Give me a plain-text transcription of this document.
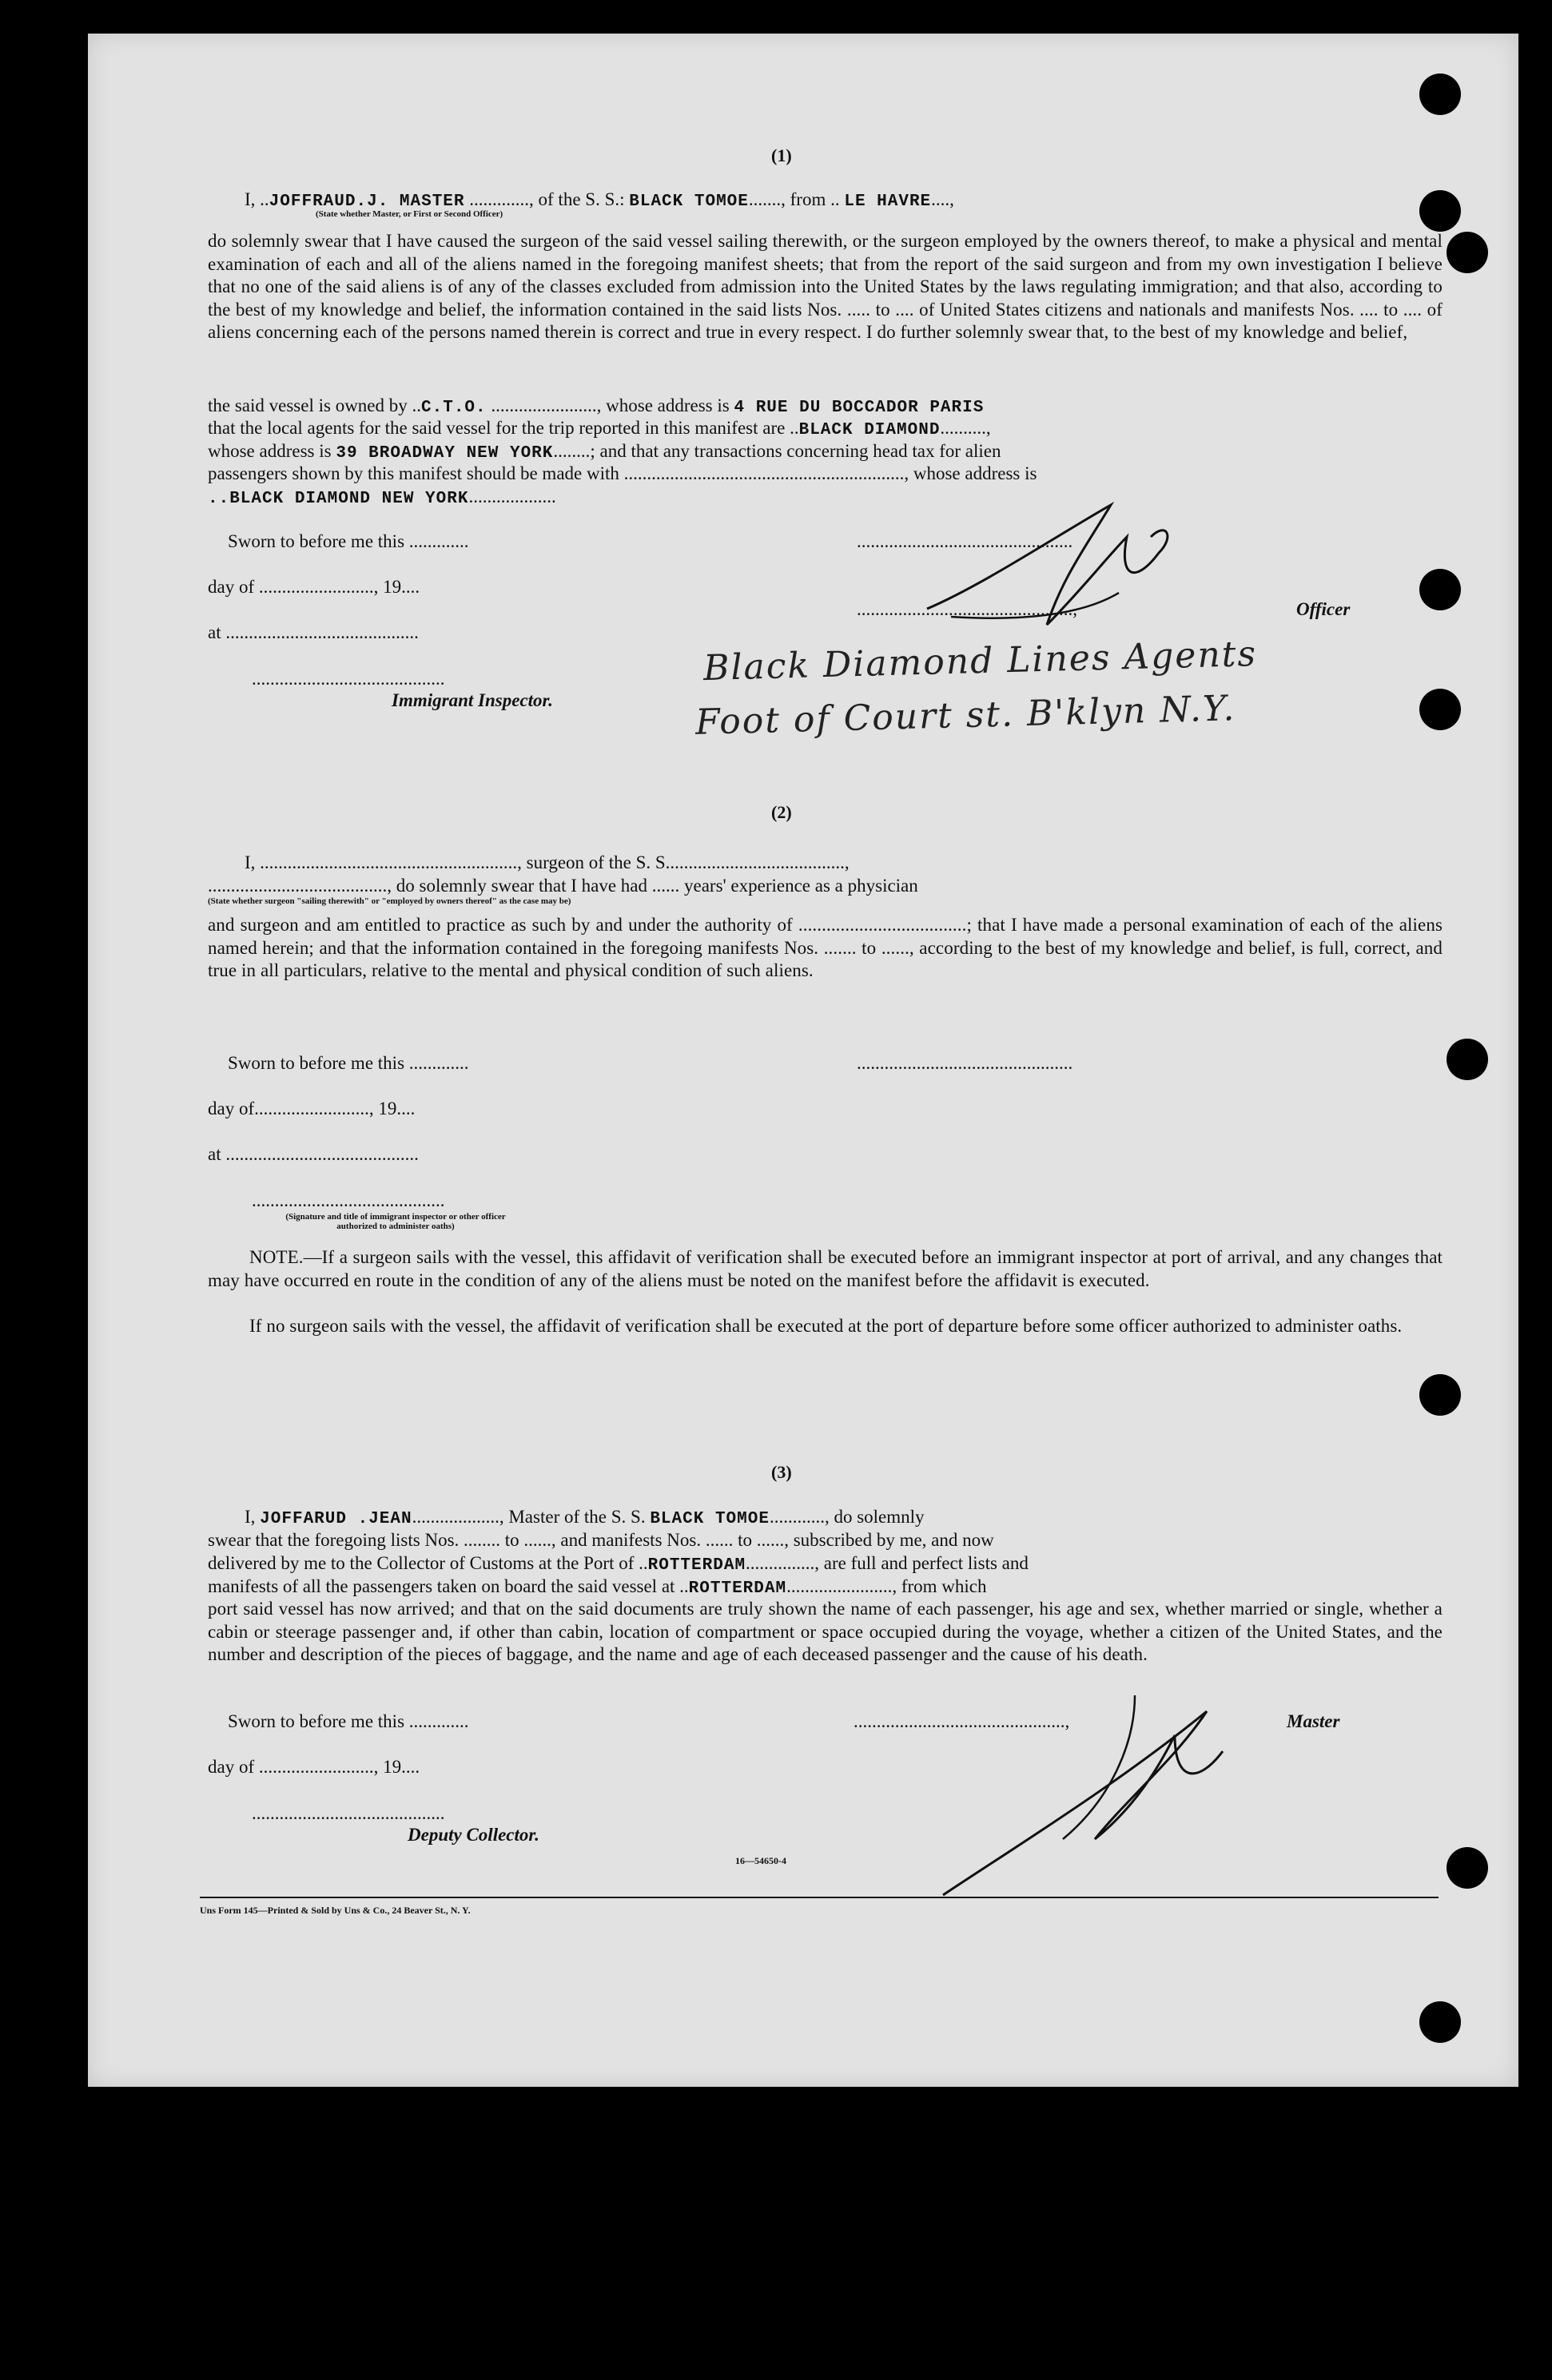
(1)
I, ..JOFFRAUD.J. MASTER ............., of the S. S.: BLACK TOMOE......., from .. LE HAVRE....,
(State whether Master, or First or Second Officer)
do solemnly swear that I have caused the surgeon of the said vessel sailing therewith, or the surgeon employed by the owners thereof, to make a physical and mental examination of each and all of the aliens named in the foregoing manifest sheets; that from the report of the said surgeon and from my own investigation I believe that no one of the said aliens is of any of the classes excluded from admission into the United States by the laws regulating immigration; and that also, according to the best of my knowledge and belief, the information contained in the said lists Nos. ..... to .... of United States citizens and nationals and manifests Nos. .... to .... of aliens concerning each of the persons named therein is correct and true in every respect. I do further solemnly swear that, to the best of my knowledge and belief,
the said vessel is owned by ..C.T.O. ......................., whose address is 4 RUE DU BOCCADOR PARIS
that the local agents for the said vessel for the trip reported in this manifest are ..BLACK DIAMOND..........,
whose address is 39 BROADWAY NEW YORK........; and that any transactions concerning head tax for alien
passengers shown by this manifest should be made with ............................................................., whose address is
..BLACK DIAMOND NEW YORK...................
Sworn to before me this .............
day of ........................., 19....
at ..........................................
..........................................
Immigrant Inspector.
...............................................
...............................................,	Officer
Black Diamond Lines Agents
Foot of Court st. B'klyn N.Y.
(2)
I, ........................................................, surgeon of the S. S.......................................,
......................................., do solemnly swear that I have had ...... years' experience as a physician
(State whether surgeon "sailing therewith" or "employed by owners thereof" as the case may be)
and surgeon and am entitled to practice as such by and under the authority of ....................................; that I have made a personal examination of each of the aliens named herein; and that the information contained in the foregoing manifests Nos. ....... to ......, according to the best of my knowledge and belief, is full, correct, and true in all particulars, relative to the mental and physical condition of such aliens.
Sworn to before me this .............
day of........................., 19....
at ..........................................
..........................................
(Signature and title of immigrant inspector or other officer authorized to administer oaths)
...............................................
NOTE.—If a surgeon sails with the vessel, this affidavit of verification shall be executed before an immigrant inspector at port of arrival, and any changes that may have occurred en route in the condition of any of the aliens must be noted on the manifest before the affidavit is executed.
If no surgeon sails with the vessel, the affidavit of verification shall be executed at the port of departure before some officer authorized to administer oaths.
(3)
I, JOFFARUD .JEAN..................., Master of the S. S. BLACK TOMOE............, do solemnly
swear that the foregoing lists Nos. ........ to ......, and manifests Nos. ...... to ......, subscribed by me, and now
delivered by me to the Collector of Customs at the Port of ..ROTTERDAM..............., are full and perfect lists and
manifests of all the passengers taken on board the said vessel at ..ROTTERDAM......................., from which
port said vessel has now arrived; and that on the said documents are truly shown the name of each passenger, his age and sex, whether married or single, whether a cabin or steerage passenger and, if other than cabin, location of compartment or space occupied during the voyage, whether a citizen of the United States, and the number and description of the pieces of baggage, and the name and age of each deceased passenger and the cause of his death.
Sworn to before me this .............
day of ........................., 19....
..........................................
Deputy Collector.
..............................................,	Master
16—54650-4
Uns Form 145—Printed & Sold by Uns & Co., 24 Beaver St., N. Y.
